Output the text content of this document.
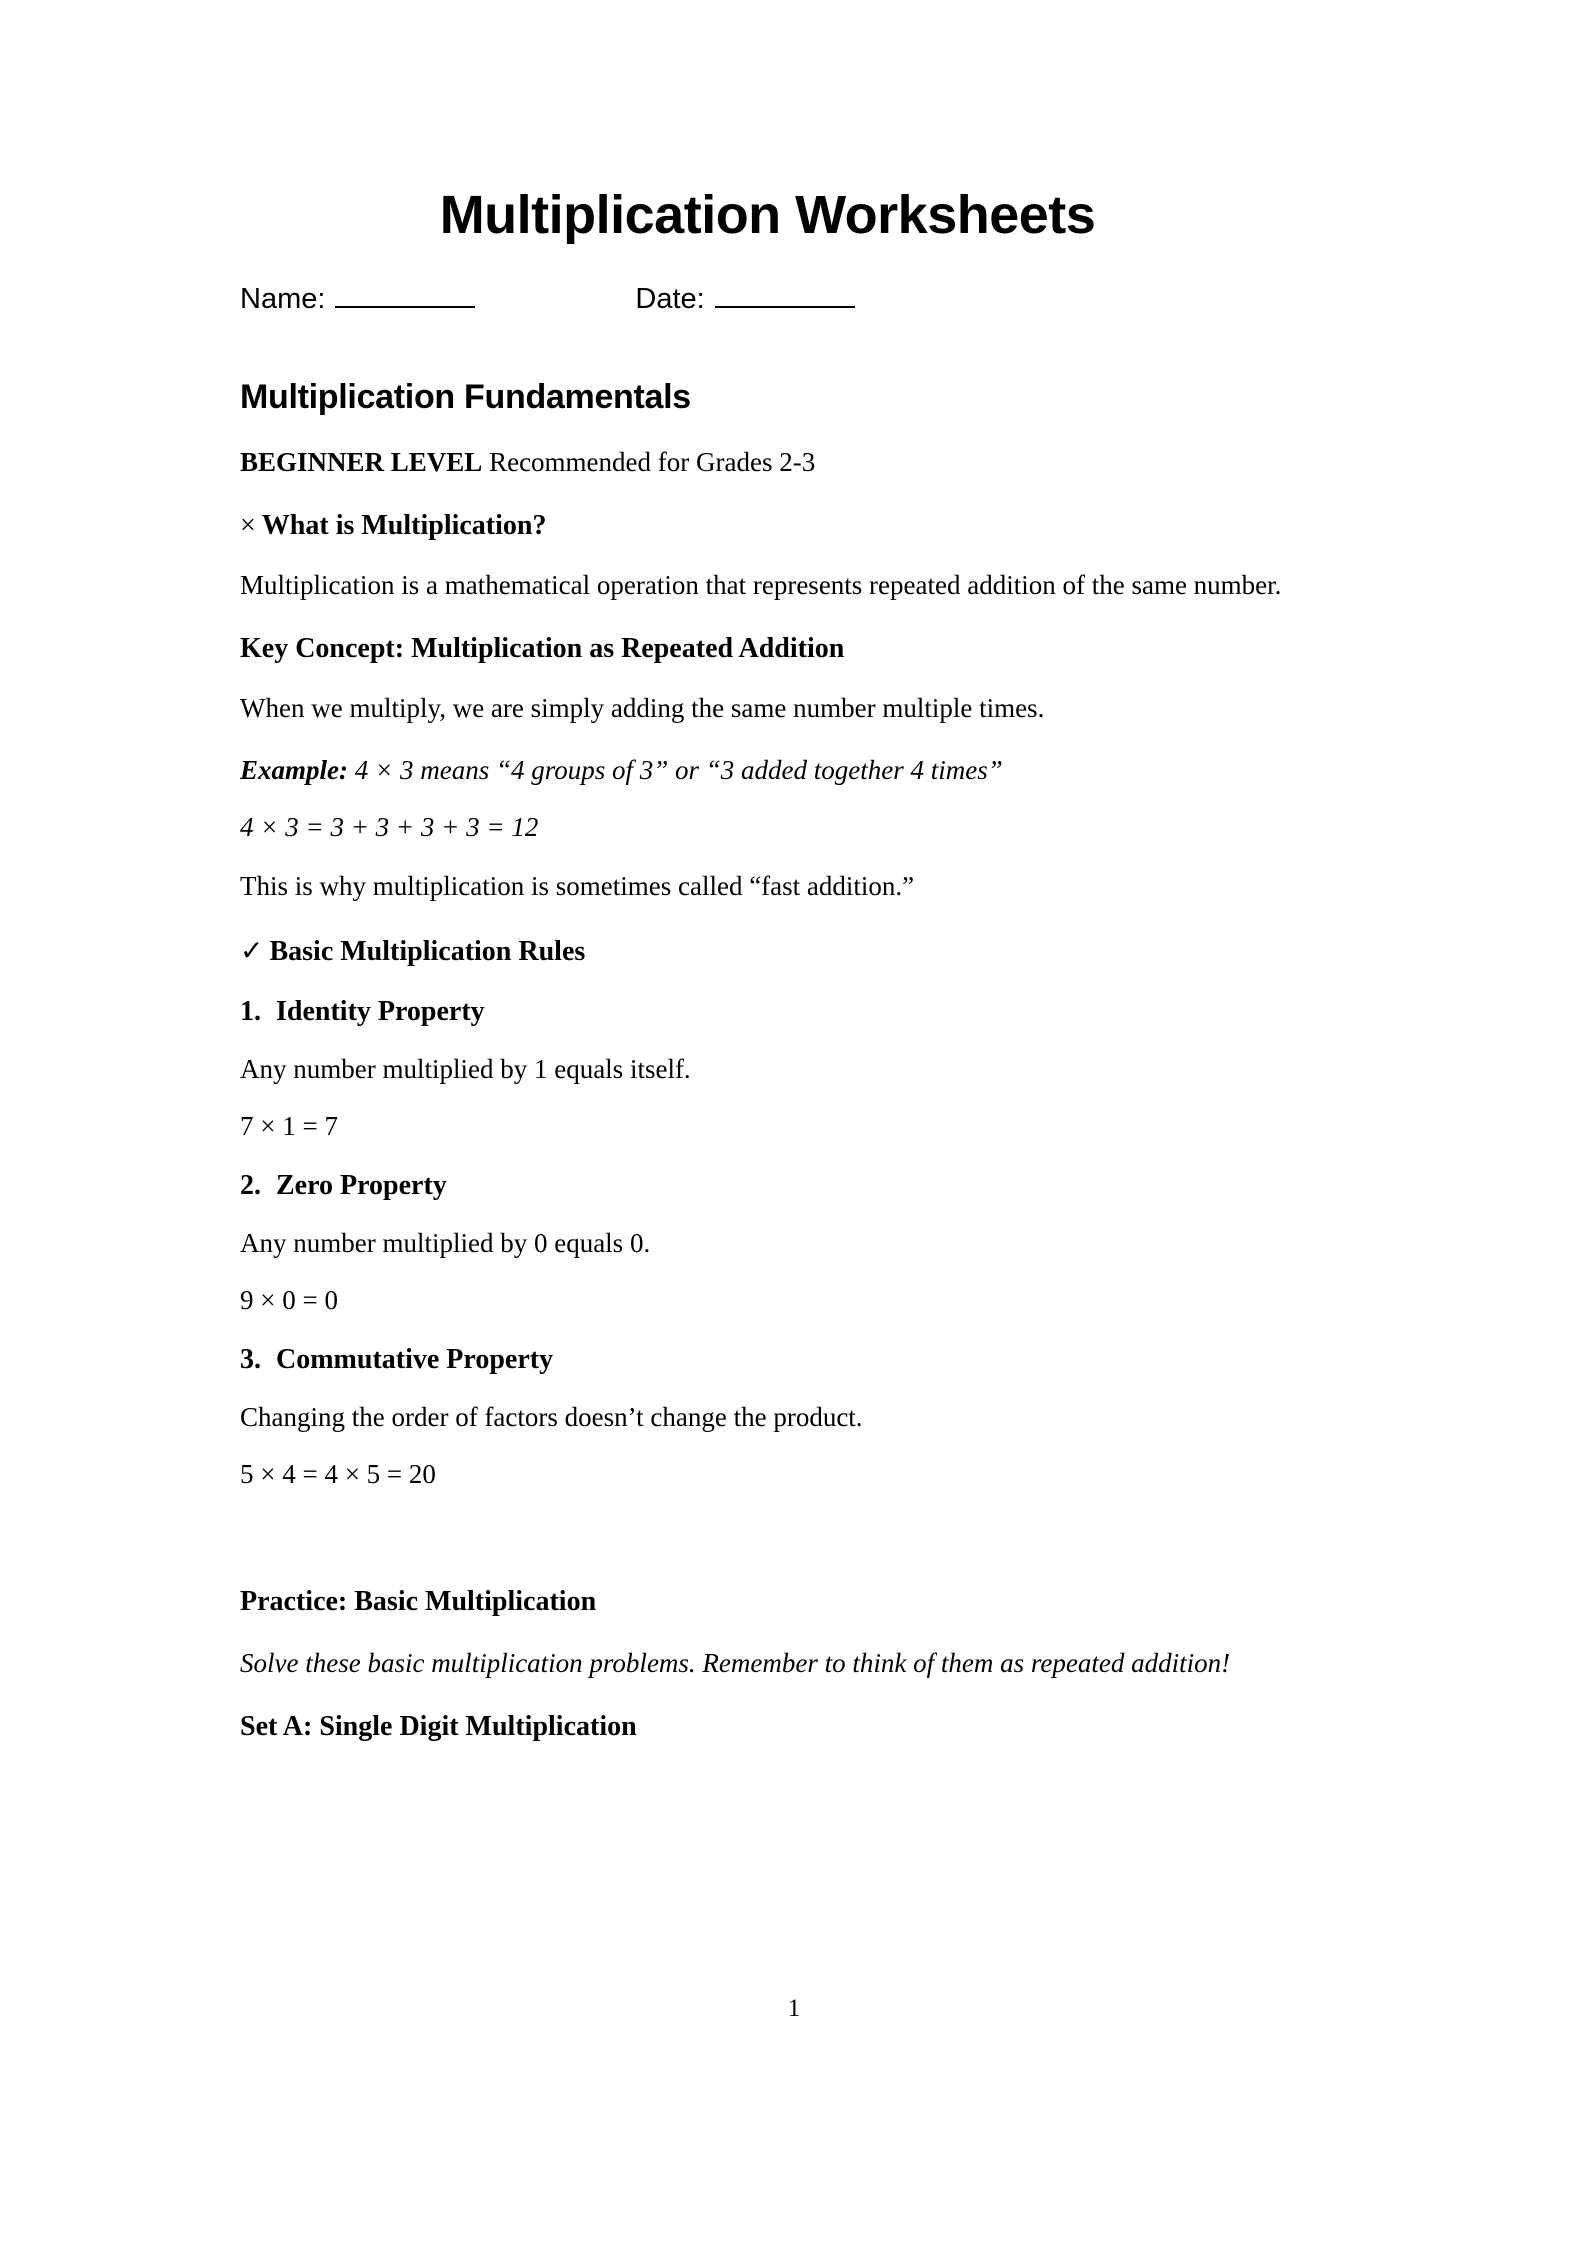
Multiplication Worksheets
Name:	Date:
Multiplication Fundamentals
BEGINNER LEVEL Recommended for Grades 2-3
× What is Multiplication?

Multiplication is a mathematical operation that represents repeated addition of the same number.

Key Concept: Multiplication as Repeated Addition

When we multiply, we are simply adding the same number multiple times.

Example: 4 × 3 means “4 groups of 3” or “3 added together 4 times”
4 × 3 = 3 + 3 + 3 + 3 = 12

This is why multiplication is sometimes called “fast addition.”

✓ Basic Multiplication Rules
1. Identity Property
Any number multiplied by 1 equals itself.
7 × 1 = 7
2. Zero Property
Any number multiplied by 0 equals 0.
9 × 0 = 0
3. Commutative Property
Changing the order of factors doesn’t change the product.
5 × 4 = 4 × 5 = 20
Practice: Basic Multiplication
Solve these basic multiplication problems. Remember to think of them as repeated addition!
Set A: Single Digit Multiplication
1
